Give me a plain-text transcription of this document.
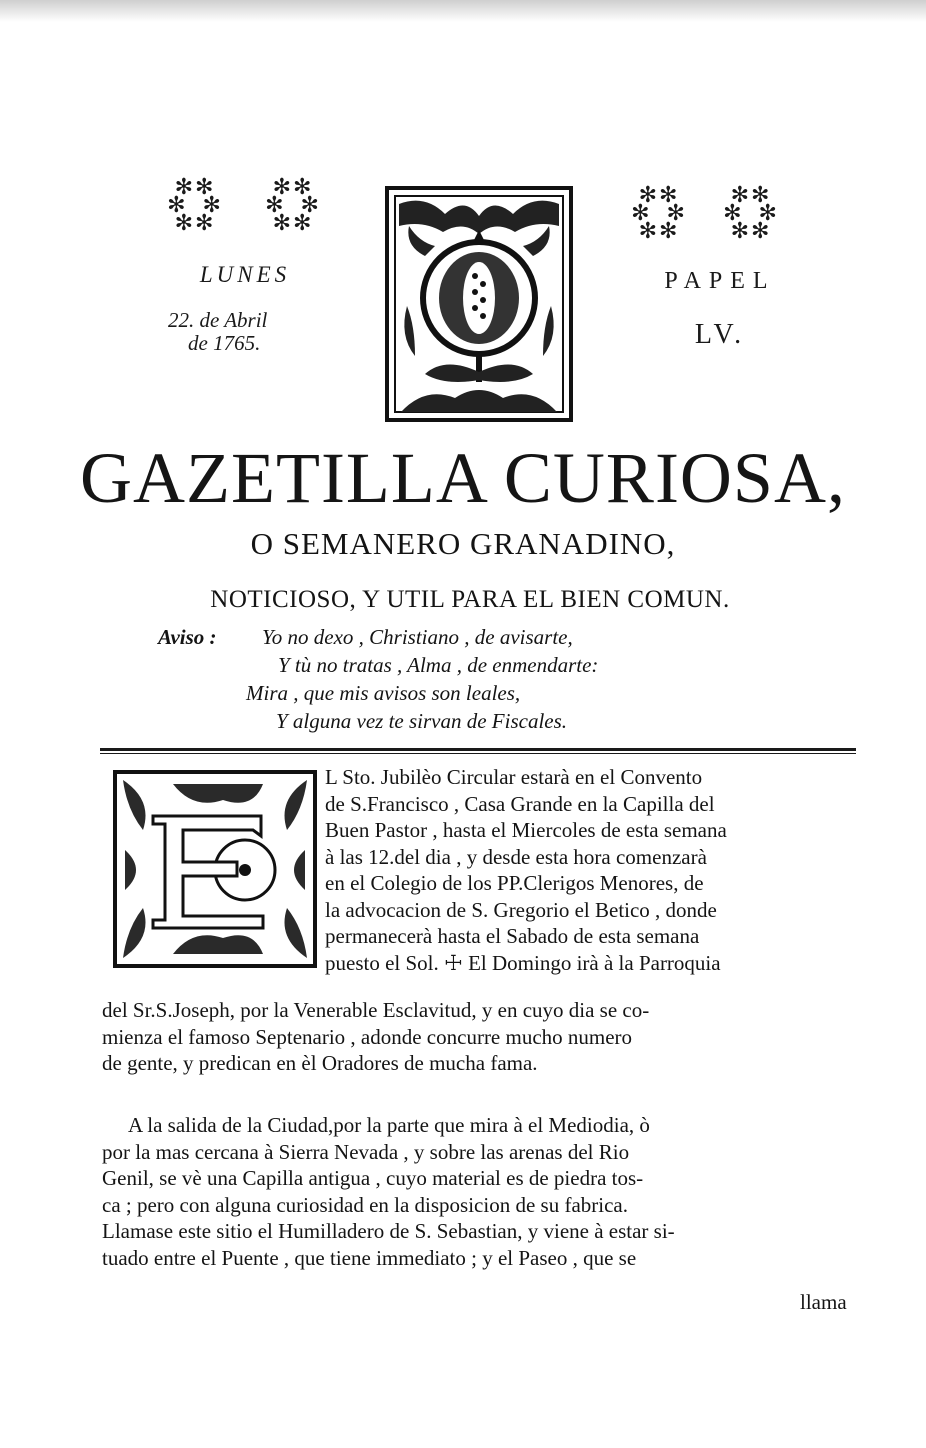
✻✻
✻  ✻
✻✻
✻✻
✻  ✻
✻✻
✻✻
✻  ✻
✻✻
✻✻
✻  ✻
✻✻
LUNES
22. de Abril
de 1765.
PAPEL
LV.
GAZETILLA CURIOSA,
O SEMANERO GRANADINO,
NOTICIOSO, Y UTIL PARA EL BIEN COMUN.
Aviso : Yo no dexo , Christiano , de avisarte,
Y tù no tratas , Alma , de enmendarte:
Mira , que mis avisos son leales,
Y alguna vez te sirvan de Fiscales.
L Sto. Jubilèo Circular estarà en el Convento
de S.Francisco , Casa Grande en la Capilla del
Buen Pastor , hasta el Miercoles de esta semana
à las 12.del dia , y desde esta hora comenzarà
en el Colegio de los PP.Clerigos Menores, de
la advocacion de S. Gregorio el Betico , donde
permanecerà hasta el Sabado de esta semana
puesto el Sol. ☩ El Domingo irà à la Parroquia
del Sr.S.Joseph, por la Venerable Esclavitud, y en cuyo dia se co-
mienza el famoso Septenario , adonde concurre mucho numero
de gente, y predican en èl Oradores de mucha fama.
A la salida de la Ciudad,por la parte que mira à el Mediodia, ò
por la mas cercana à Sierra Nevada , y sobre las arenas del Rio
Genil, se vè una Capilla antigua , cuyo material es de piedra tos-
ca ; pero con alguna curiosidad en la disposicion de su fabrica.
Llamase este sitio el Humilladero de S. Sebastian, y viene à estar si-
tuado entre el Puente , que tiene immediato ; y el Paseo , que se
llama
